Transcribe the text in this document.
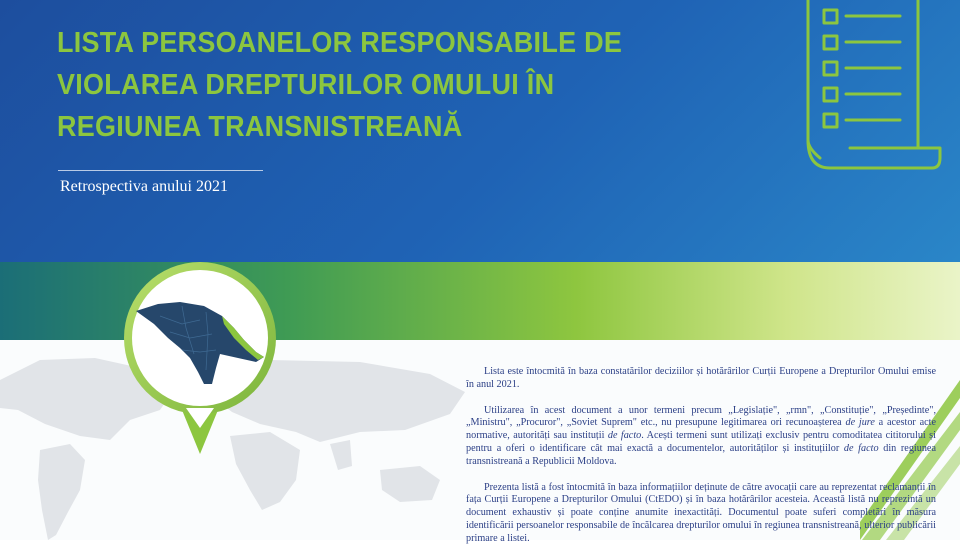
LISTA PERSOANELOR RESPONSABILE DE
VIOLAREA DREPTURILOR OMULUI ÎN
REGIUNEA TRANSNISTREANĂ
Retrospectiva anului 2021

Lista este întocmită în baza constatărilor deciziilor și hotărârilor Curții Europene a Drepturilor Omului emise în anul 2021.

Utilizarea în acest document a unor termeni precum „Legislație", „rmn", „Constituție", „Președinte", „Ministru", „Procuror", „Soviet Suprem" etc., nu presupune legitimarea ori recunoașterea de jure a acestor acte normative, autorități sau instituții de facto. Acești termeni sunt utilizați exclusiv pentru comoditatea cititorului și pentru a oferi o identificare cât mai exactă a documentelor, autorităților și instituțiilor de facto din regiunea transnistreană a Republicii Moldova.

Prezenta listă a fost întocmită în baza informațiilor deținute de către avocații care au reprezentat reclamanții în fața Curții Europene a Drepturilor Omului (CtEDO) și în baza hotărârilor acesteia. Această listă nu reprezintă un document exhaustiv și poate conține anumite inexactități. Documentul poate suferi completări în măsura identificării persoanelor responsabile de încălcarea drepturilor omului în regiunea transnistreană, ulterior publicării primare a listei.
